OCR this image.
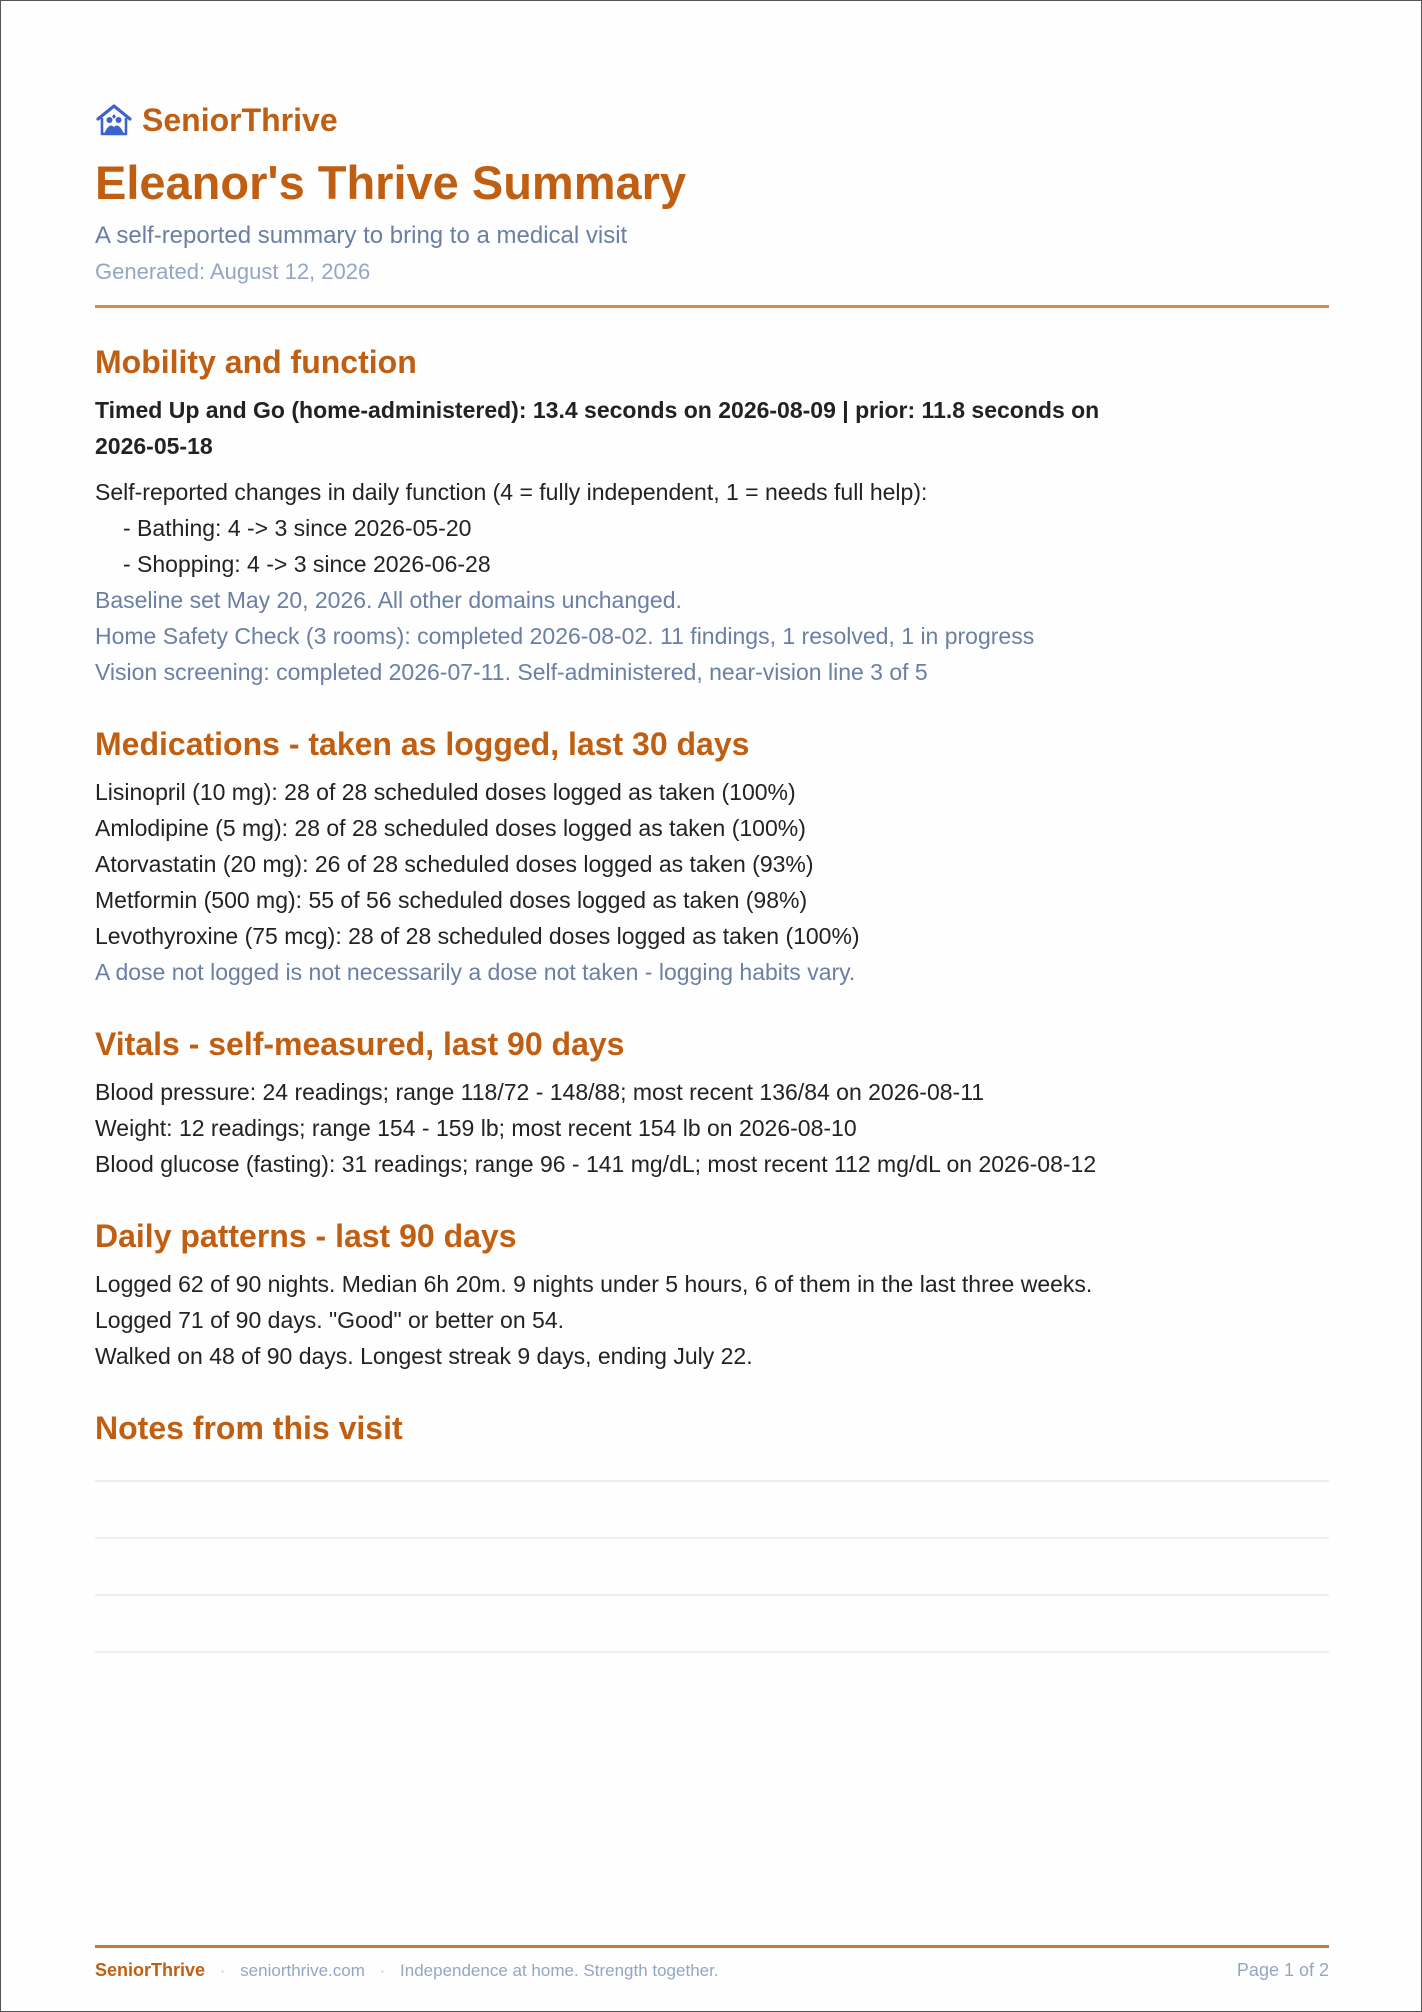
SeniorThrive
Eleanor's Thrive Summary
A self-reported summary to bring to a medical visit
Generated: August 12, 2026
Mobility and function
Timed Up and Go (home-administered): 13.4 seconds on 2026-08-09 | prior: 11.8 seconds on
2026-05-18
Self-reported changes in daily function (4 = fully independent, 1 = needs full help):
- Bathing: 4 -> 3 since 2026-05-20
- Shopping: 4 -> 3 since 2026-06-28
Baseline set May 20, 2026. All other domains unchanged.
Home Safety Check (3 rooms): completed 2026-08-02. 11 findings, 1 resolved, 1 in progress
Vision screening: completed 2026-07-11. Self-administered, near-vision line 3 of 5
Medications - taken as logged, last 30 days
Lisinopril (10 mg): 28 of 28 scheduled doses logged as taken (100%)
Amlodipine (5 mg): 28 of 28 scheduled doses logged as taken (100%)
Atorvastatin (20 mg): 26 of 28 scheduled doses logged as taken (93%)
Metformin (500 mg): 55 of 56 scheduled doses logged as taken (98%)
Levothyroxine (75 mcg): 28 of 28 scheduled doses logged as taken (100%)
A dose not logged is not necessarily a dose not taken - logging habits vary.
Vitals - self-measured, last 90 days
Blood pressure: 24 readings; range 118/72 - 148/88; most recent 136/84 on 2026-08-11
Weight: 12 readings; range 154 - 159 lb; most recent 154 lb on 2026-08-10
Blood glucose (fasting): 31 readings; range 96 - 141 mg/dL; most recent 112 mg/dL on 2026-08-12
Daily patterns - last 90 days
Logged 62 of 90 nights. Median 6h 20m. 9 nights under 5 hours, 6 of them in the last three weeks.
Logged 71 of 90 days. "Good" or better on 54.
Walked on 48 of 90 days. Longest streak 9 days, ending July 22.
Notes from this visit
SeniorThrive · seniorthrive.com · Independence at home. Strength together.	Page 1 of 2
